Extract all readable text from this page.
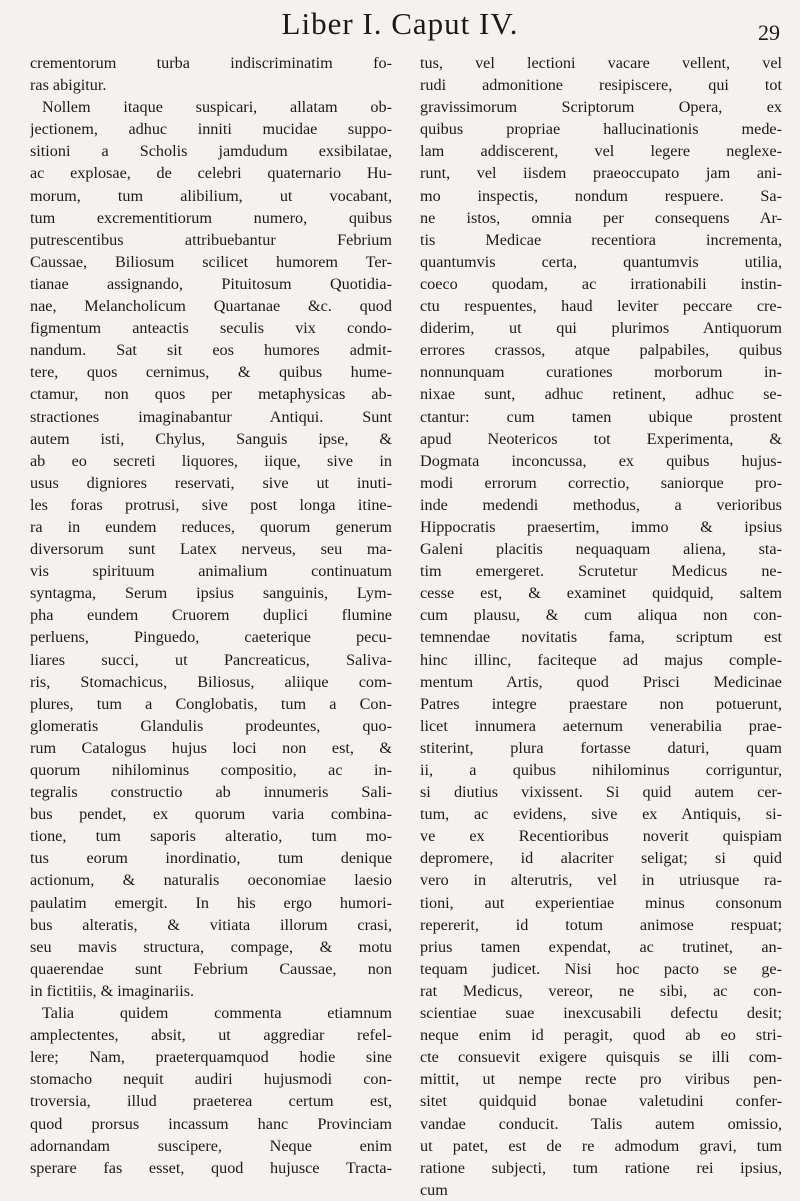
Liber I. Caput IV.	29
crementorum turba indiscriminatim fo-
ras abigitur.
Nollem itaque suspicari, allatam ob-
jectionem, adhuc inniti mucidae suppo-
sitioni a Scholis jamdudum exsibilatae,
ac explosae, de celebri quaternario Hu-
morum, tum alibilium, ut vocabant,
tum excrementitiorum numero, quibus
putrescentibus attribuebantur Febrium
Caussae, Biliosum scilicet humorem Ter-
tianae assignando, Pituitosum Quotidia-
nae, Melancholicum Quartanae &c. quod
figmentum anteactis seculis vix condo-
nandum. Sat sit eos humores admit-
tere, quos cernimus, & quibus hume-
ctamur, non quos per metaphysicas ab-
stractiones imaginabantur Antiqui. Sunt
autem isti, Chylus, Sanguis ipse, &
ab eo secreti liquores, iique, sive in
usus digniores reservati, sive ut inuti-
les foras protrusi, sive post longa itine-
ra in eundem reduces, quorum generum
diversorum sunt Latex nerveus, seu ma-
vis spirituum animalium continuatum
syntagma, Serum ipsius sanguinis, Lym-
pha eundem Cruorem duplici flumine
perluens, Pinguedo, caeterique pecu-
liares succi, ut Pancreaticus, Saliva-
ris, Stomachicus, Biliosus, aliique com-
plures, tum a Conglobatis, tum a Con-
glomeratis Glandulis prodeuntes, quo-
rum Catalogus hujus loci non est, &
quorum nihilominus compositio, ac in-
tegralis constructio ab innumeris Sali-
bus pendet, ex quorum varia combina-
tione, tum saporis alteratio, tum mo-
tus eorum inordinatio, tum denique
actionum, & naturalis oeconomiae laesio
paulatim emergit. In his ergo humori-
bus alteratis, & vitiata illorum crasi,
seu mavis structura, compage, & motu
quaerendae sunt Febrium Caussae, non
in fictitiis, & imaginariis.
Talia quidem commenta etiamnum
amplectentes, absit, ut aggrediar refel-
lere; Nam, praeterquamquod hodie sine
stomacho nequit audiri hujusmodi con-
troversia, illud praeterea certum est,
quod prorsus incassum hanc Provinciam
adornandam suscipere, Neque enim
sperare fas esset, quod hujusce Tracta-
tus, vel lectioni vacare vellent, vel
rudi admonitione resipiscere, qui tot
gravissimorum Scriptorum Opera, ex
quibus propriae hallucinationis mede-
lam addiscerent, vel legere neglexe-
runt, vel iisdem praeoccupato jam ani-
mo inspectis, nondum respuere. Sa-
ne istos, omnia per consequens Ar-
tis Medicae recentiora incrementa,
quantumvis certa, quantumvis utilia,
coeco quodam, ac irrationabili instin-
ctu respuentes, haud leviter peccare cre-
diderim, ut qui plurimos Antiquorum
errores crassos, atque palpabiles, quibus
nonnunquam curationes morborum in-
nixae sunt, adhuc retinent, adhuc se-
ctantur: cum tamen ubique prostent
apud Neotericos tot Experimenta, &
Dogmata inconcussa, ex quibus hujus-
modi errorum correctio, saniorque pro-
inde medendi methodus, a verioribus
Hippocratis praesertim, immo & ipsius
Galeni placitis nequaquam aliena, sta-
tim emergeret. Scrutetur Medicus ne-
cesse est, & examinet quidquid, saltem
cum plausu, & cum aliqua non con-
temnendae novitatis fama, scriptum est
hinc illinc, faciteque ad majus comple-
mentum Artis, quod Prisci Medicinae
Patres integre praestare non potuerunt,
licet innumera aeternum venerabilia prae-
stiterint, plura fortasse daturi, quam
ii, a quibus nihilominus corriguntur,
si diutius vixissent. Si quid autem cer-
tum, ac evidens, sive ex Antiquis, si-
ve ex Recentioribus noverit quispiam
depromere, id alacriter seligat; si quid
vero in alterutris, vel in utriusque ra-
tioni, aut experientiae minus consonum
repererit, id totum animose respuat;
prius tamen expendat, ac trutinet, an-
tequam judicet. Nisi hoc pacto se ge-
rat Medicus, vereor, ne sibi, ac con-
scientiae suae inexcusabili defectu desit;
neque enim id peragit, quod ab eo stri-
cte consuevit exigere quisquis se illi com-
mittit, ut nempe recte pro viribus pen-
sitet quidquid bonae valetudini confer-
vandae conducit. Talis autem omissio,
ut patet, est de re admodum gravi, tum
ratione subjecti, tum ratione rei ipsius,
cum
